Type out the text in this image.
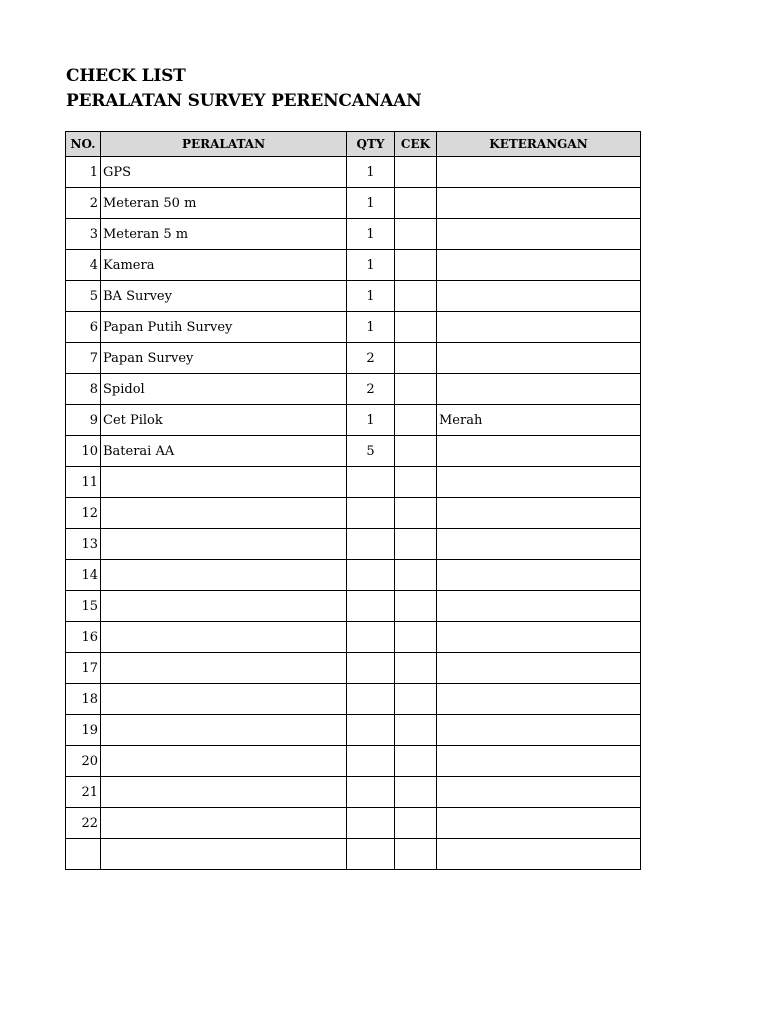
CHECK LIST
PERALATAN SURVEY PERENCANAAN
NO.	PERALATAN	QTY	CEK	KETERANGAN
1	GPS	1		
2	Meteran 50 m	1		
3	Meteran 5 m	1		
4	Kamera	1		
5	BA Survey	1		
6	Papan Putih Survey	1		
7	Papan Survey	2		
8	Spidol	2		
9	Cet Pilok	1		Merah
10	Baterai AA	5		
11				
12				
13				
14				
15				
16				
17				
18				
19				
20				
21				
22				
